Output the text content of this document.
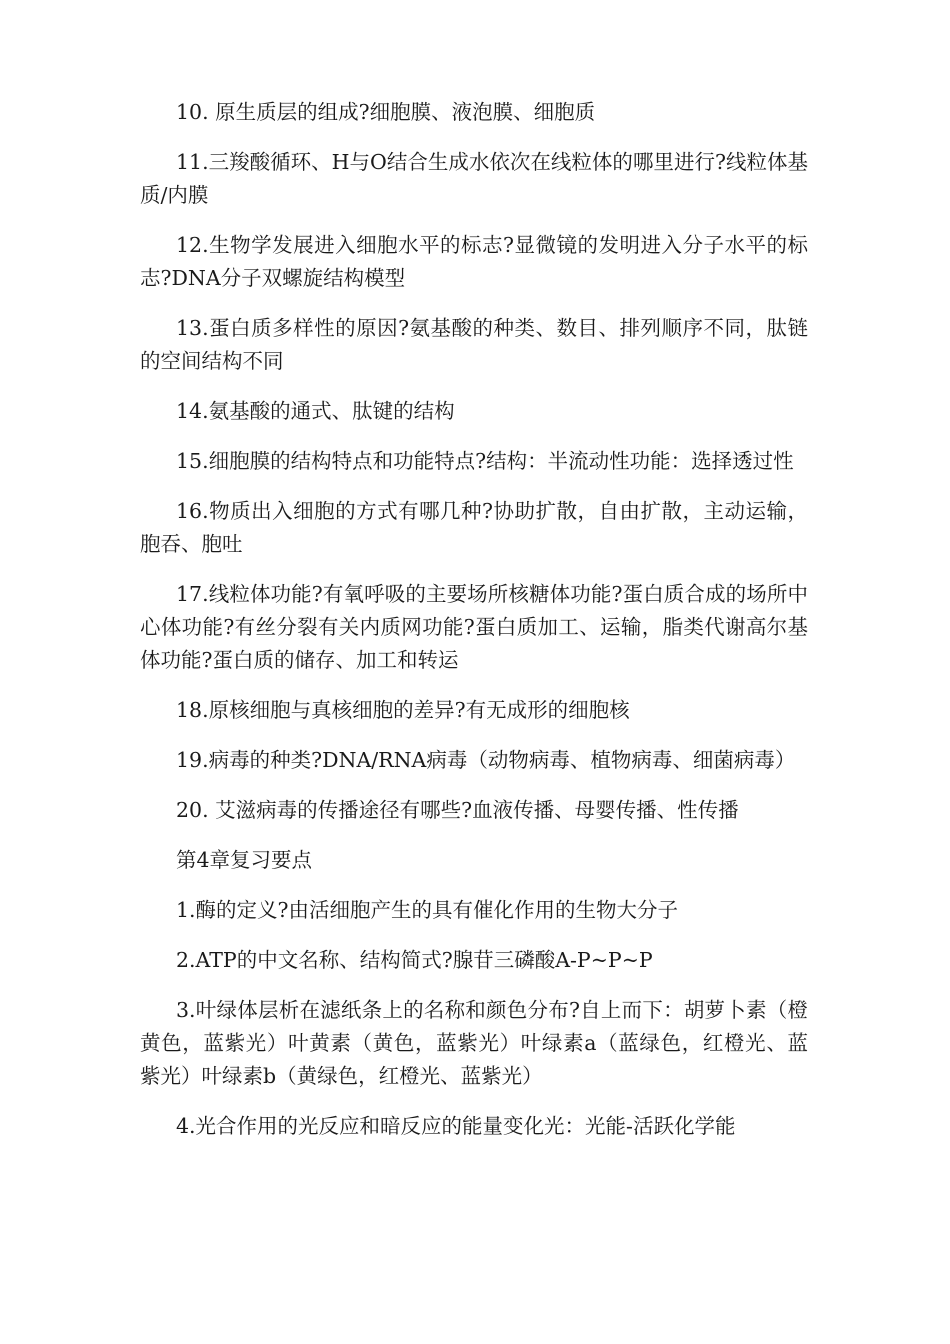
10. 原生质层的组成?细胞膜、液泡膜、细胞质

11.三羧酸循环、H与O结合生成水依次在线粒体的哪里进行?线粒体基质/内膜

12.生物学发展进入细胞水平的标志?显微镜的发明进入分子水平的标志?DNA分子双螺旋结构模型

13.蛋白质多样性的原因?氨基酸的种类、数目、排列顺序不同，肽链的空间结构不同

14.氨基酸的通式、肽键的结构

15.细胞膜的结构特点和功能特点?结构：半流动性功能：选择透过性

16.物质出入细胞的方式有哪几种?协助扩散，自由扩散，主动运输，胞吞、胞吐

17.线粒体功能?有氧呼吸的主要场所核糖体功能?蛋白质合成的场所中心体功能?有丝分裂有关内质网功能?蛋白质加工、运输，脂类代谢高尔基体功能?蛋白质的储存、加工和转运

18.原核细胞与真核细胞的差异?有无成形的细胞核

19.病毒的种类?DNA/RNA病毒（动物病毒、植物病毒、细菌病毒）

20. 艾滋病毒的传播途径有哪些?血液传播、母婴传播、性传播

第4章复习要点

1.酶的定义?由活细胞产生的具有催化作用的生物大分子

2.ATP的中文名称、结构简式?腺苷三磷酸A-P~P~P

3.叶绿体层析在滤纸条上的名称和颜色分布?自上而下：胡萝卜素（橙黄色，蓝紫光）叶黄素（黄色，蓝紫光）叶绿素a（蓝绿色，红橙光、蓝紫光）叶绿素b（黄绿色，红橙光、蓝紫光）

4.光合作用的光反应和暗反应的能量变化光：光能-活跃化学能
